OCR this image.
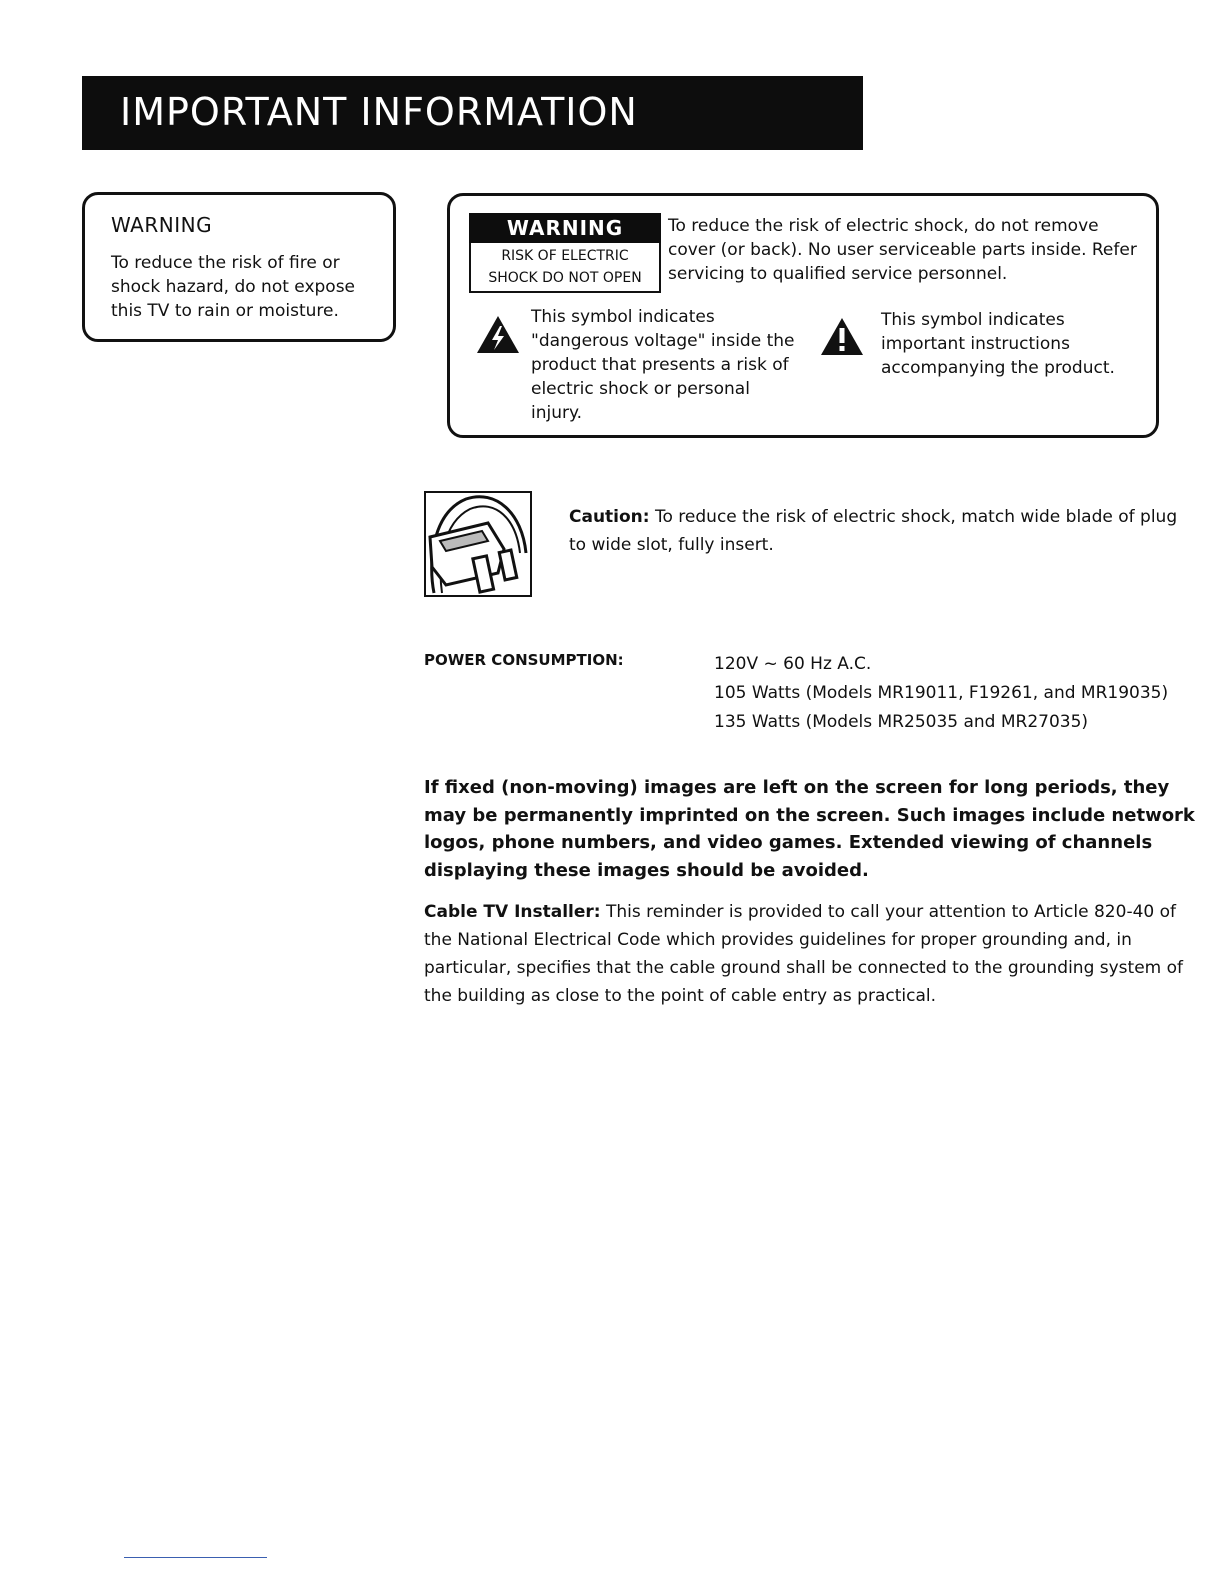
IMPORTANT INFORMATION
WARNING
To reduce the risk of fire or shock hazard, do not expose this TV to rain or moisture.
WARNING
RISK OF ELECTRIC
SHOCK DO NOT OPEN
To reduce the risk of electric shock, do not remove cover (or back). No user serviceable parts inside. Refer servicing to qualified service personnel.
This symbol indicates "dangerous voltage" inside the product that presents a risk of electric shock or personal injury.
This symbol indicates important instructions accompanying the product.
Caution: To reduce the risk of electric shock, match wide blade of plug to wide slot, fully insert.
POWER CONSUMPTION:	120V ~ 60 Hz A.C.
105 Watts (Models MR19011, F19261, and MR19035)
135 Watts (Models MR25035 and MR27035)
If fixed (non-moving) images are left on the screen for long periods, they may be permanently imprinted on the screen. Such images include network logos, phone numbers, and video games. Extended viewing of channels displaying these images should be avoided.
Cable TV Installer: This reminder is provided to call your attention to Article 820-40 of the National Electrical Code which provides guidelines for proper grounding and, in particular, specifies that the cable ground shall be connected to the grounding system of the building as close to the point of cable entry as practical.
